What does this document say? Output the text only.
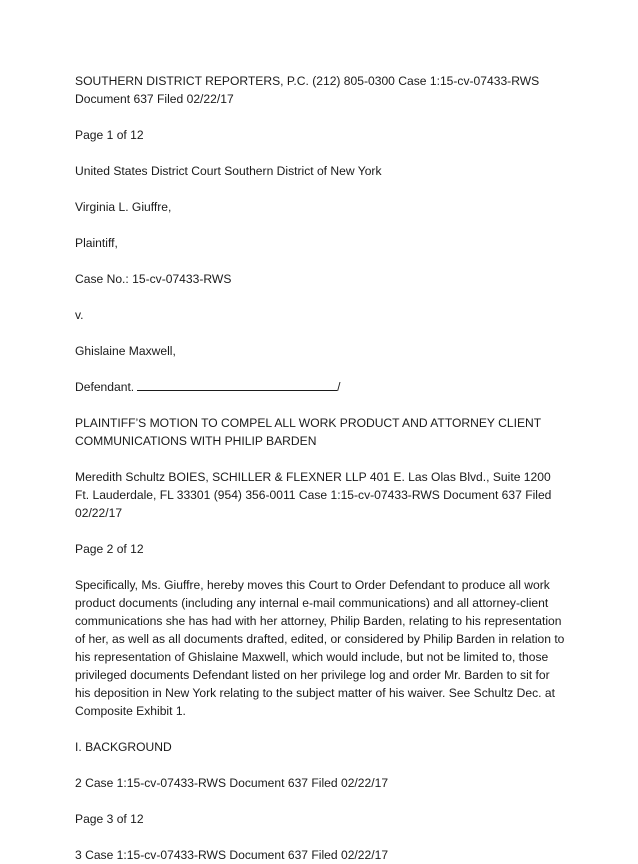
SOUTHERN DISTRICT REPORTERS, P.C. (212) 805-0300 Case 1:15-cv-07433-RWS Document 637 Filed 02/22/17

Page 1 of 12

United States District Court Southern District of New York

Virginia L. Giuffre,

Plaintiff,

Case No.: 15-cv-07433-RWS

v.

Ghislaine Maxwell,

Defendant.	/

PLAINTIFF’S MOTION TO COMPEL ALL WORK PRODUCT AND ATTORNEY CLIENT COMMUNICATIONS WITH PHILIP BARDEN

Meredith Schultz BOIES, SCHILLER & FLEXNER LLP 401 E. Las Olas Blvd., Suite 1200 Ft. Lauderdale, FL 33301 (954) 356-0011 Case 1:15-cv-07433-RWS Document 637 Filed 02/22/17

Page 2 of 12

Specifically, Ms. Giuffre, hereby moves this Court to Order Defendant to produce all work product documents (including any internal e-mail communications) and all attorney-client communications she has had with her attorney, Philip Barden, relating to his representation of her, as well as all documents drafted, edited, or considered by Philip Barden in relation to his representation of Ghislaine Maxwell, which would include, but not be limited to, those privileged documents Defendant listed on her privilege log and order Mr. Barden to sit for his deposition in New York relating to the subject matter of his waiver. See Schultz Dec. at Composite Exhibit 1.

I. BACKGROUND

2 Case 1:15-cv-07433-RWS Document 637 Filed 02/22/17

Page 3 of 12

3 Case 1:15-cv-07433-RWS Document 637 Filed 02/22/17
